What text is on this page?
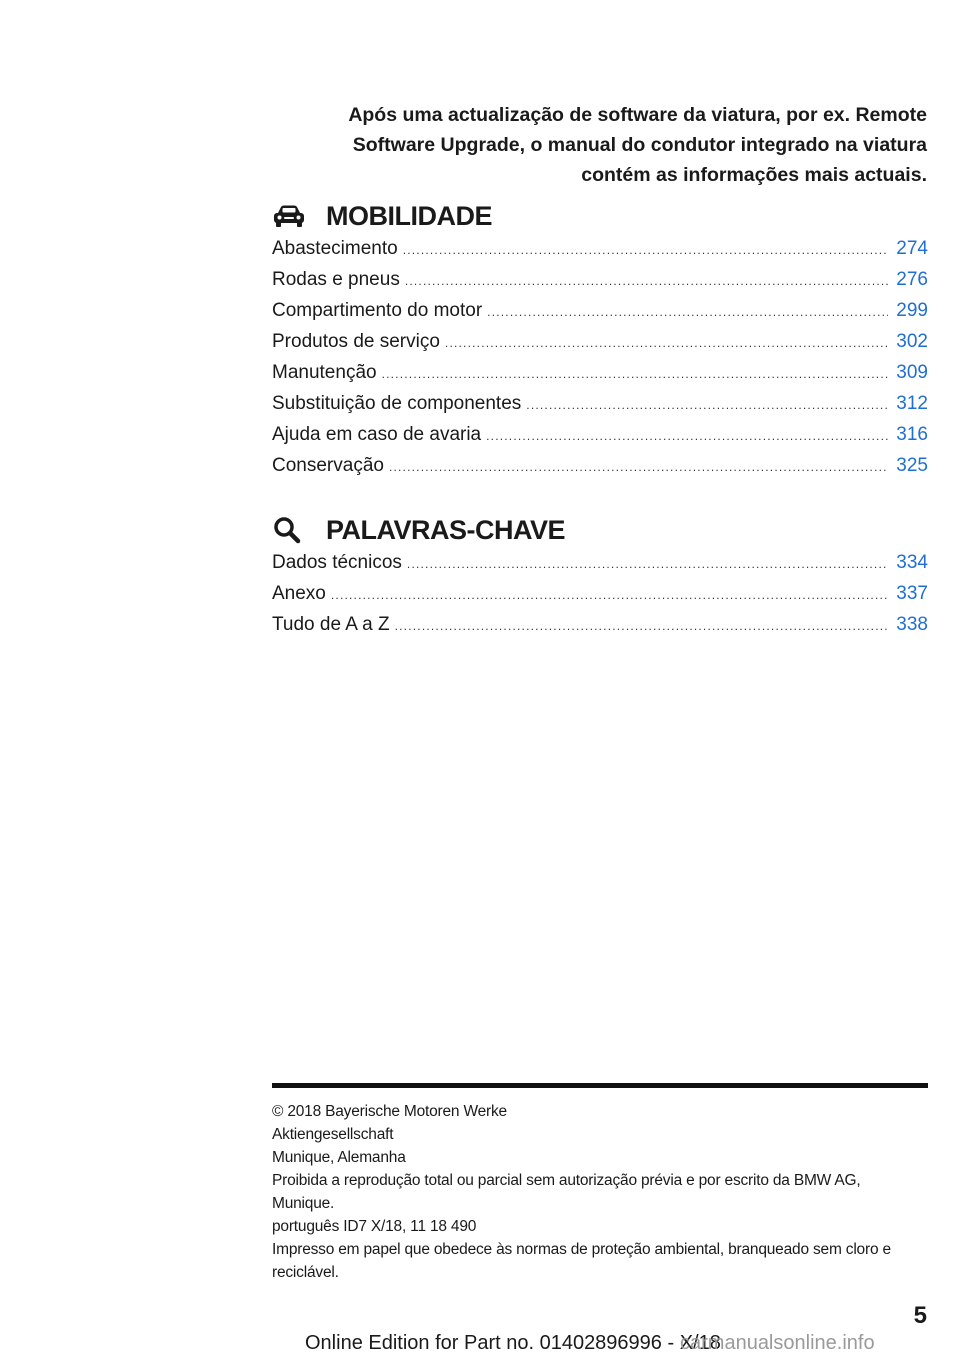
Após uma actualização de software da viatura, por ex. Remote
Software Upgrade, o manual do condutor integrado na viatura
contém as informações mais actuais.
MOBILIDADE
Abastecimento .....	274
Rodas e pneus .....	276
Compartimento do motor .....	299
Produtos de serviço .....	302
Manutenção .....	309
Substituição de componentes .....	312
Ajuda em caso de avaria .....	316
Conservação .....	325
PALAVRAS-CHAVE
Dados técnicos .....	334
Anexo .....	337
Tudo de A a Z .....	338
© 2018 Bayerische Motoren Werke
Aktiengesellschaft
Munique, Alemanha
Proibida a reprodução total ou parcial sem autorização prévia e por escrito da BMW AG,
Munique.
português ID7 X/18, 11 18 490
Impresso em papel que obedece às normas de proteção ambiental, branqueado sem cloro e
reciclável.
5
Online Edition for Part no. 01402896996 - X/18
carmanualsonline.info
